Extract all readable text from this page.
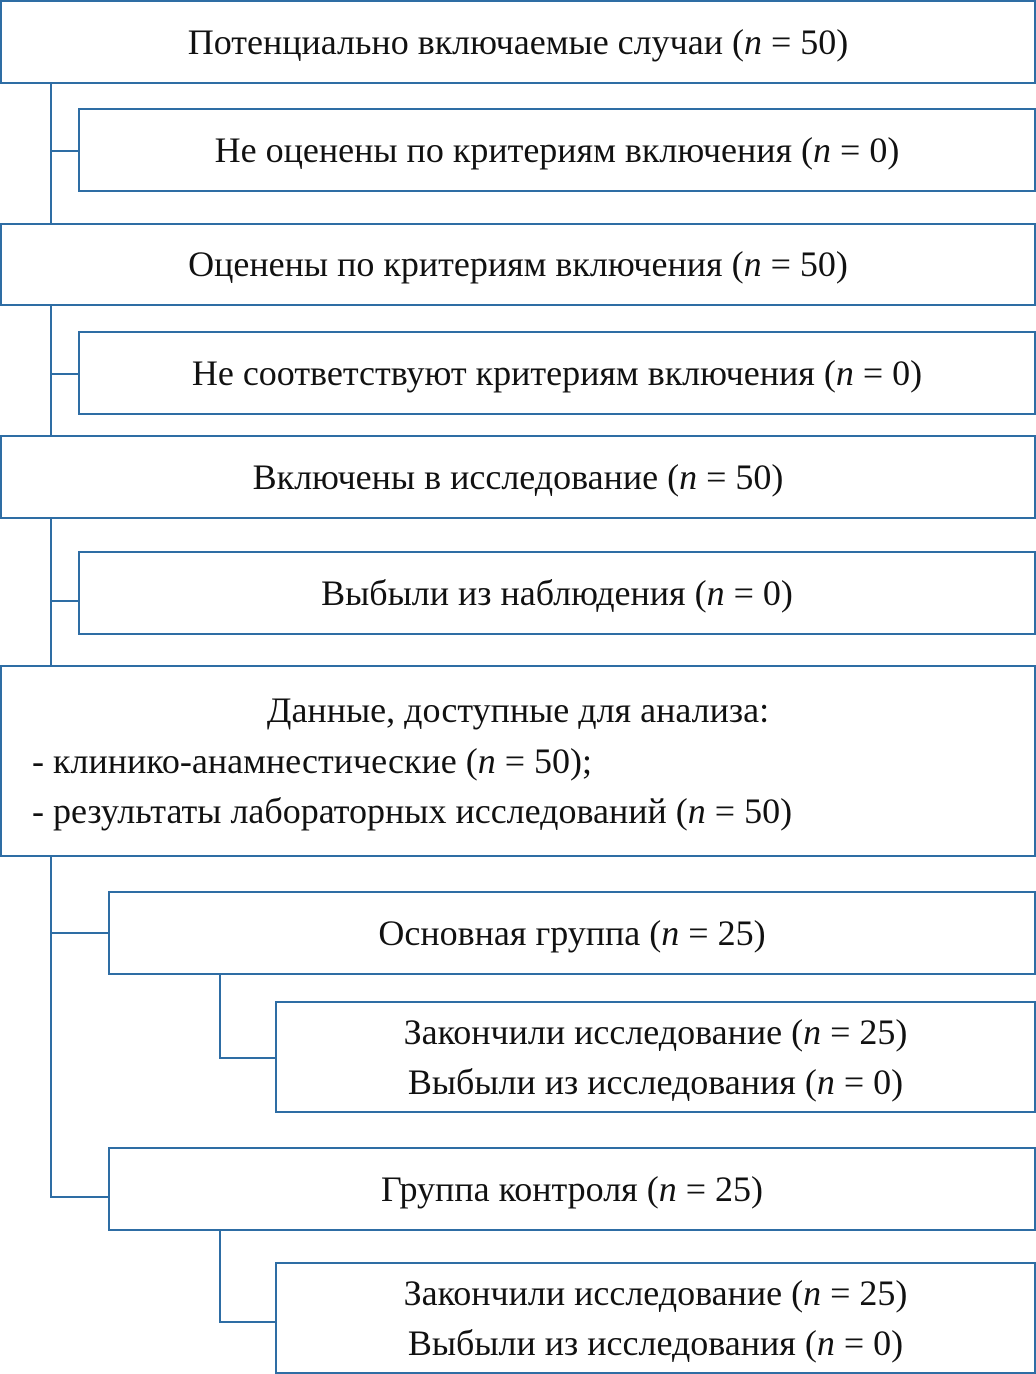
Потенциально включаемые случаи (n = 50)
Не оценены по критериям включения (n = 0)
Оценены по критериям включения (n = 50)
Не соответствуют критериям включения (n = 0)
Включены в исследование (n = 50)
Выбыли из наблюдения (n = 0)
Данные, доступные для анализа:
- клинико-анамнестические (n = 50);
- результаты лабораторных исследований (n = 50)
Основная группа (n = 25)
Закончили исследование (n = 25)
Выбыли из исследования (n = 0)
Группа контроля (n = 25)
Закончили исследование (n = 25)
Выбыли из исследования (n = 0)
